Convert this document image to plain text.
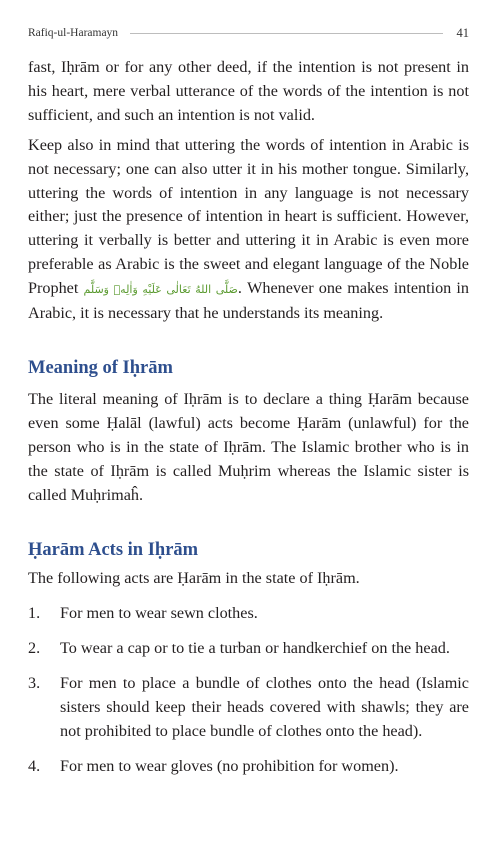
Rafiq-ul-Haramayn	41

fast, Iḥrām or for any other deed, if the intention is not present in his heart, mere verbal utterance of the words of the intention is not sufficient, and such an intention is not valid.

Keep also in mind that uttering the words of intention in Arabic is not necessary; one can also utter it in his mother tongue. Similarly, uttering the words of intention in any language is not necessary either; just the presence of intention in heart is sufficient. However, uttering it verbally is better and uttering it in Arabic is even more preferable as Arabic is the sweet and elegant language of the Noble Prophet صَلَّى اللهُ تَعَالٰى عَلَيْهِ وَاٰلِهٖ وَسَلَّم. Whenever one makes intention in Arabic, it is necessary that he understands its meaning.

Meaning of Iḥrām

The literal meaning of Iḥrām is to declare a thing Ḥarām because even some Ḥalāl (lawful) acts become Ḥarām (unlawful) for the person who is in the state of Iḥrām. The Islamic brother who is in the state of Iḥrām is called Muḥrim whereas the Islamic sister is called Muḥrimaĥ.

Ḥarām Acts in Iḥrām

The following acts are Ḥarām in the state of Iḥrām.

1.	For men to wear sewn clothes.
2.	To wear a cap or to tie a turban or handkerchief on the head.
3.	For men to place a bundle of clothes onto the head (Islamic sisters should keep their heads covered with shawls; they are not prohibited to place bundle of clothes onto the head).
4.	For men to wear gloves (no prohibition for women).
